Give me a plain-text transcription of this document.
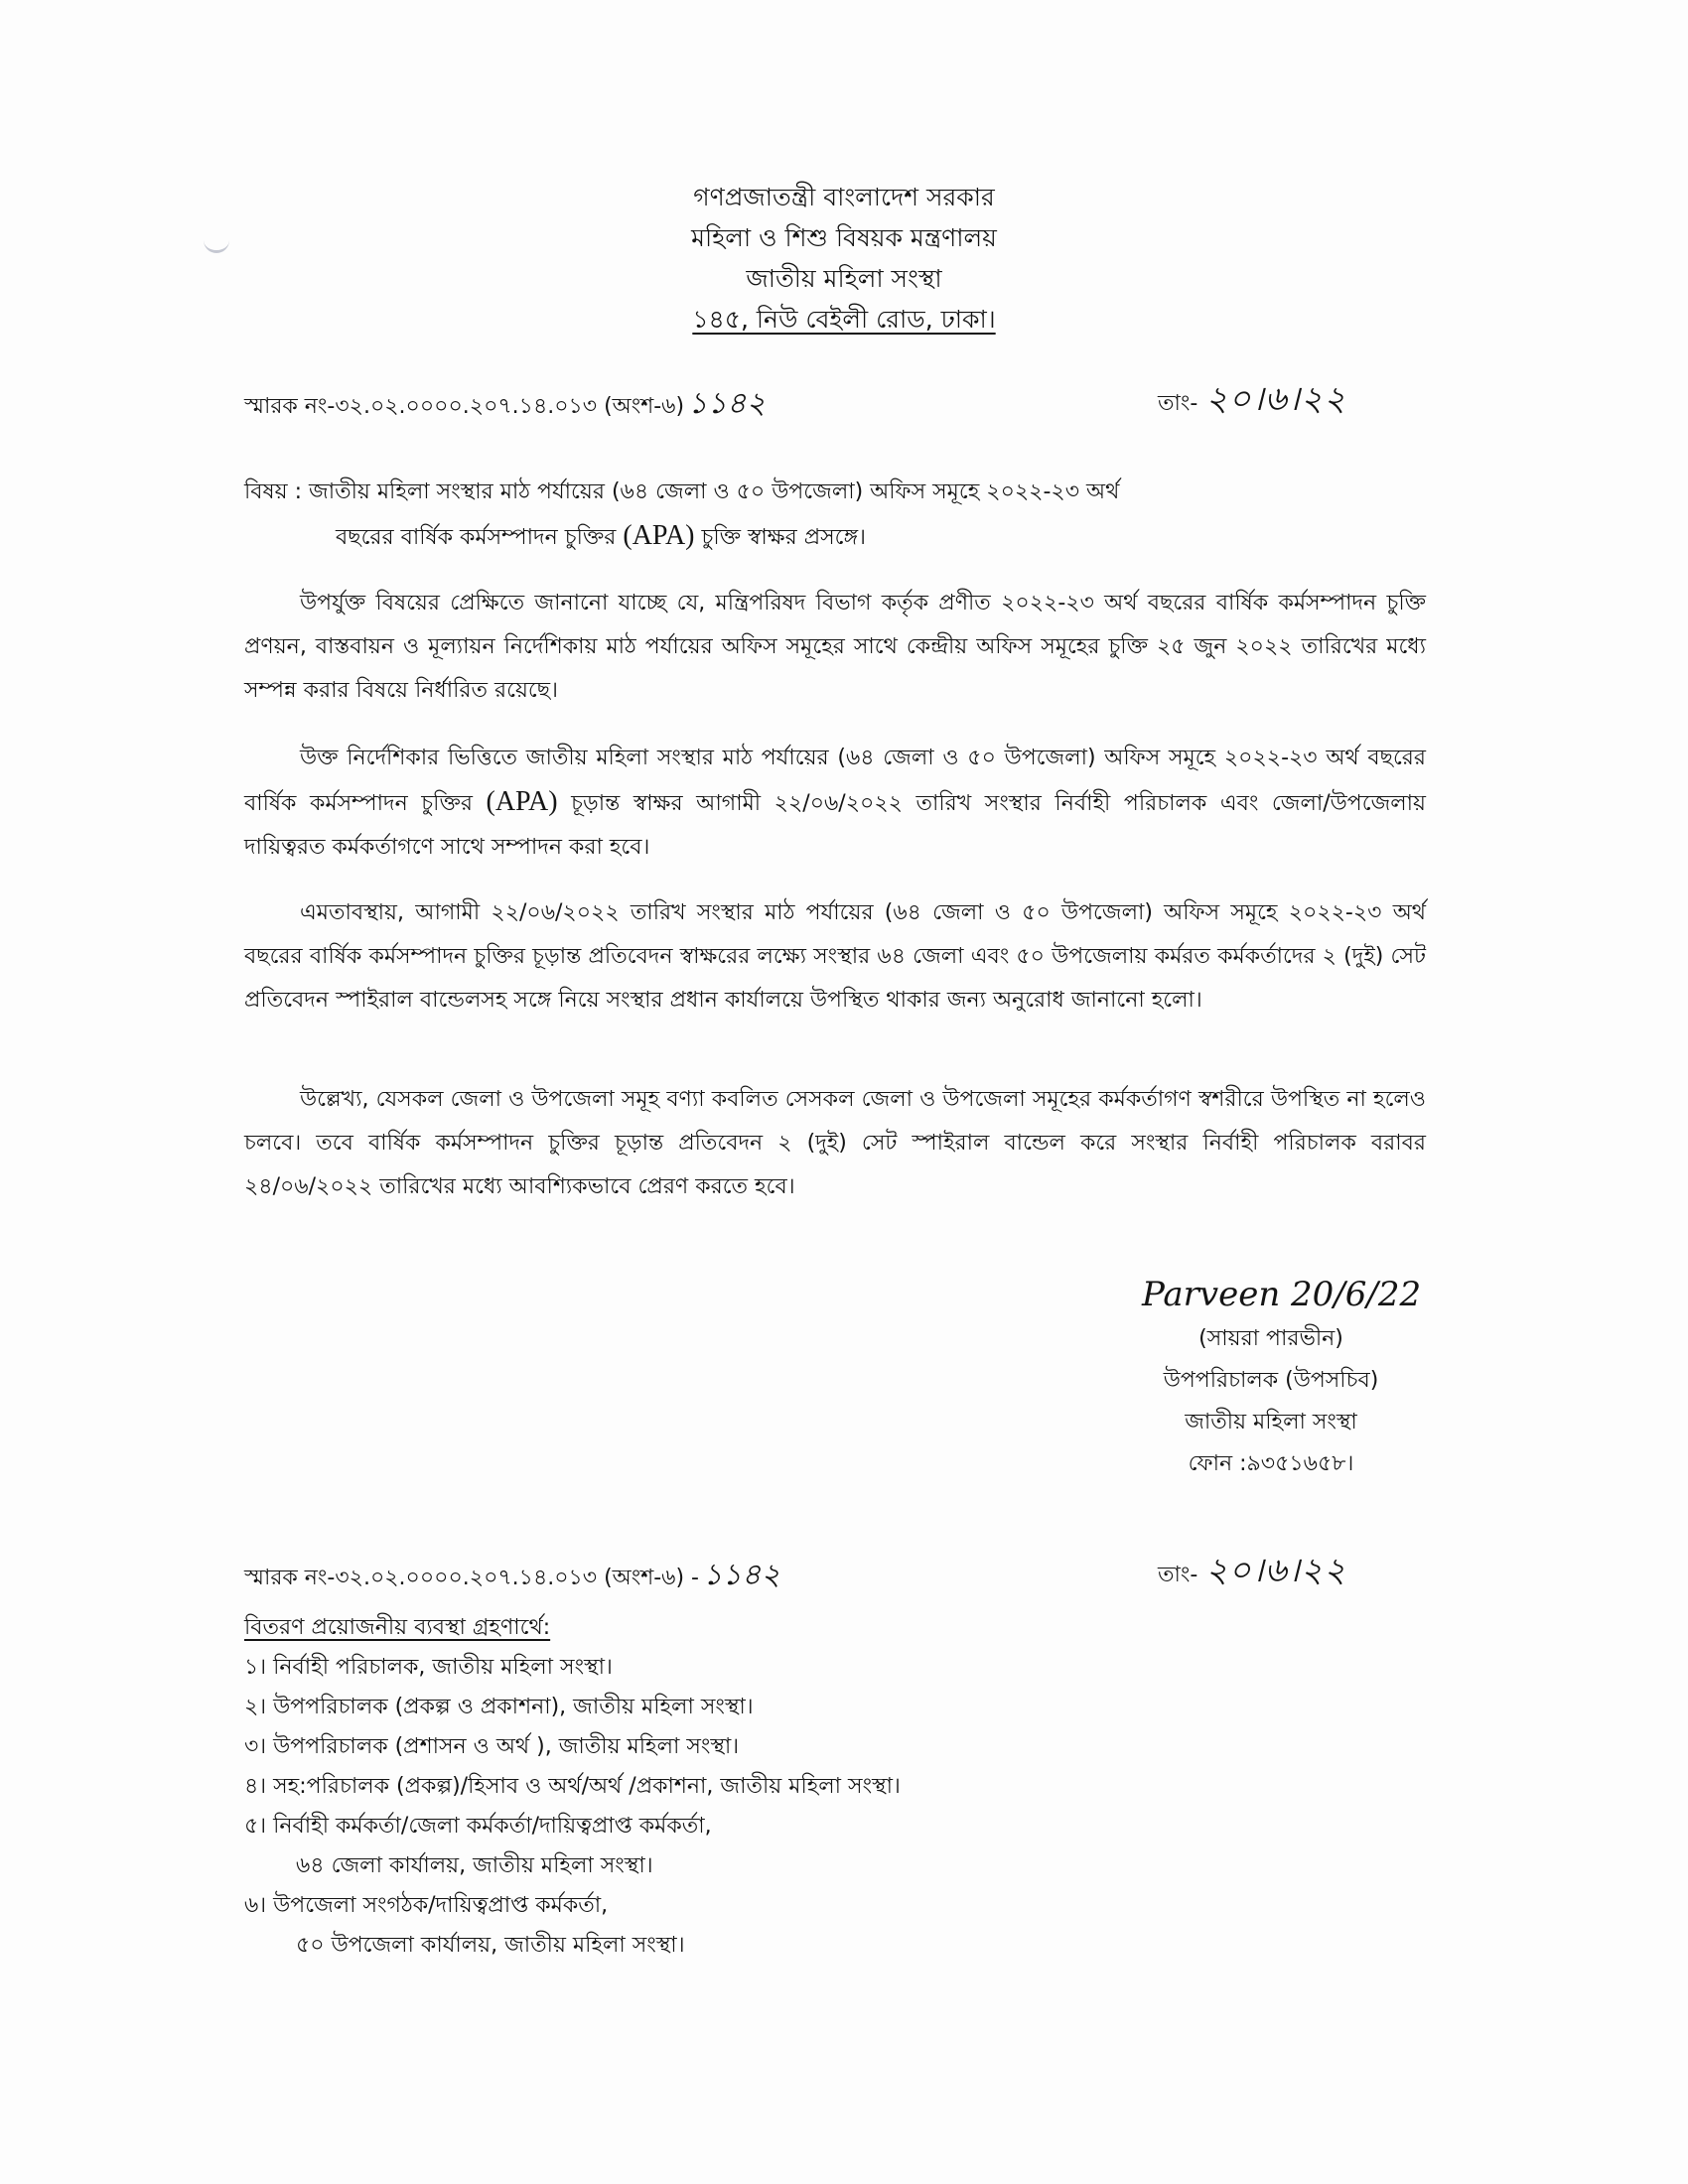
গণপ্রজাতন্ত্রী বাংলাদেশ সরকার
মহিলা ও শিশু বিষয়ক মন্ত্রণালয়
জাতীয় মহিলা সংস্থা
১৪৫, নিউ বেইলী রোড, ঢাকা।
স্মারক নং-৩২.০২.০০০০.২০৭.১৪.০১৩ (অংশ-৬) ১১৪২	তাং- ২০।৬।২২
বিষয় : জাতীয় মহিলা সংস্থার মাঠ পর্যায়ের (৬৪ জেলা ও ৫০ উপজেলা) অফিস সমূহে ২০২২-২৩ অর্থ
বছরের বার্ষিক কর্মসম্পাদন চুক্তির (APA) চুক্তি স্বাক্ষর প্রসঙ্গে।

উপর্যুক্ত বিষয়ের প্রেক্ষিতে জানানো যাচ্ছে যে, মন্ত্রিপরিষদ বিভাগ কর্তৃক প্রণীত ২০২২-২৩ অর্থ বছরের বার্ষিক কর্মসম্পাদন চুক্তি প্রণয়ন, বাস্তবায়ন ও মূল্যায়ন নির্দেশিকায় মাঠ পর্যায়ের অফিস সমূহের সাথে কেন্দ্রীয় অফিস সমূহের চুক্তি ২৫ জুন ২০২২ তারিখের মধ্যে সম্পন্ন করার বিষয়ে নির্ধারিত রয়েছে।

উক্ত নির্দেশিকার ভিত্তিতে জাতীয় মহিলা সংস্থার মাঠ পর্যায়ের (৬৪ জেলা ও ৫০ উপজেলা) অফিস সমূহে ২০২২-২৩ অর্থ বছরের বার্ষিক কর্মসম্পাদন চুক্তির (APA) চূড়ান্ত স্বাক্ষর আগামী ২২/০৬/২০২২ তারিখ সংস্থার নির্বাহী পরিচালক এবং জেলা/উপজেলায় দায়িত্বরত কর্মকর্তাগণে সাথে সম্পাদন করা হবে।

এমতাবস্থায়, আগামী ২২/০৬/২০২২ তারিখ সংস্থার মাঠ পর্যায়ের (৬৪ জেলা ও ৫০ উপজেলা) অফিস সমূহে ২০২২-২৩ অর্থ বছরের বার্ষিক কর্মসম্পাদন চুক্তির চূড়ান্ত প্রতিবেদন স্বাক্ষরের লক্ষ্যে সংস্থার ৬৪ জেলা এবং ৫০ উপজেলায় কর্মরত কর্মকর্তাদের ২ (দুই) সেট প্রতিবেদন স্পাইরাল বান্ডেলসহ সঙ্গে নিয়ে সংস্থার প্রধান কার্যালয়ে উপস্থিত থাকার জন্য অনুরোধ জানানো হলো।

উল্লেখ্য, যেসকল জেলা ও উপজেলা সমূহ বণ্যা কবলিত সেসকল জেলা ও উপজেলা সমূহের কর্মকর্তাগণ স্বশরীরে উপস্থিত না হলেও চলবে। তবে বার্ষিক কর্মসম্পাদন চুক্তির চূড়ান্ত প্রতিবেদন ২ (দুই) সেট স্পাইরাল বান্ডেল করে সংস্থার নির্বাহী পরিচালক বরাবর ২৪/০৬/২০২২ তারিখের মধ্যে আবশ্যিকভাবে প্রেরণ করতে হবে।

Parveen 20/6/22
(সায়রা পারভীন)
উপপরিচালক (উপসচিব)
জাতীয় মহিলা সংস্থা
ফোন :৯৩৫১৬৫৮।
স্মারক নং-৩২.০২.০০০০.২০৭.১৪.০১৩ (অংশ-৬) - ১১৪২	তাং- ২০।৬।২২
বিতরণ প্রয়োজনীয় ব্যবস্থা গ্রহণার্থে:
১। নির্বাহী পরিচালক, জাতীয় মহিলা সংস্থা।
২। উপপরিচালক (প্রকল্প ও প্রকাশনা), জাতীয় মহিলা সংস্থা।
৩। উপপরিচালক (প্রশাসন ও অর্থ ), জাতীয় মহিলা সংস্থা।
৪। সহ:পরিচালক (প্রকল্প)/হিসাব ও অর্থ/অর্থ /প্রকাশনা, জাতীয় মহিলা সংস্থা।
৫। নির্বাহী কর্মকর্তা/জেলা কর্মকর্তা/দায়িত্বপ্রাপ্ত কর্মকর্তা,
৬৪ জেলা কার্যালয়, জাতীয় মহিলা সংস্থা।
৬। উপজেলা সংগঠক/দায়িত্বপ্রাপ্ত কর্মকর্তা,
৫০ উপজেলা কার্যালয়, জাতীয় মহিলা সংস্থা।
